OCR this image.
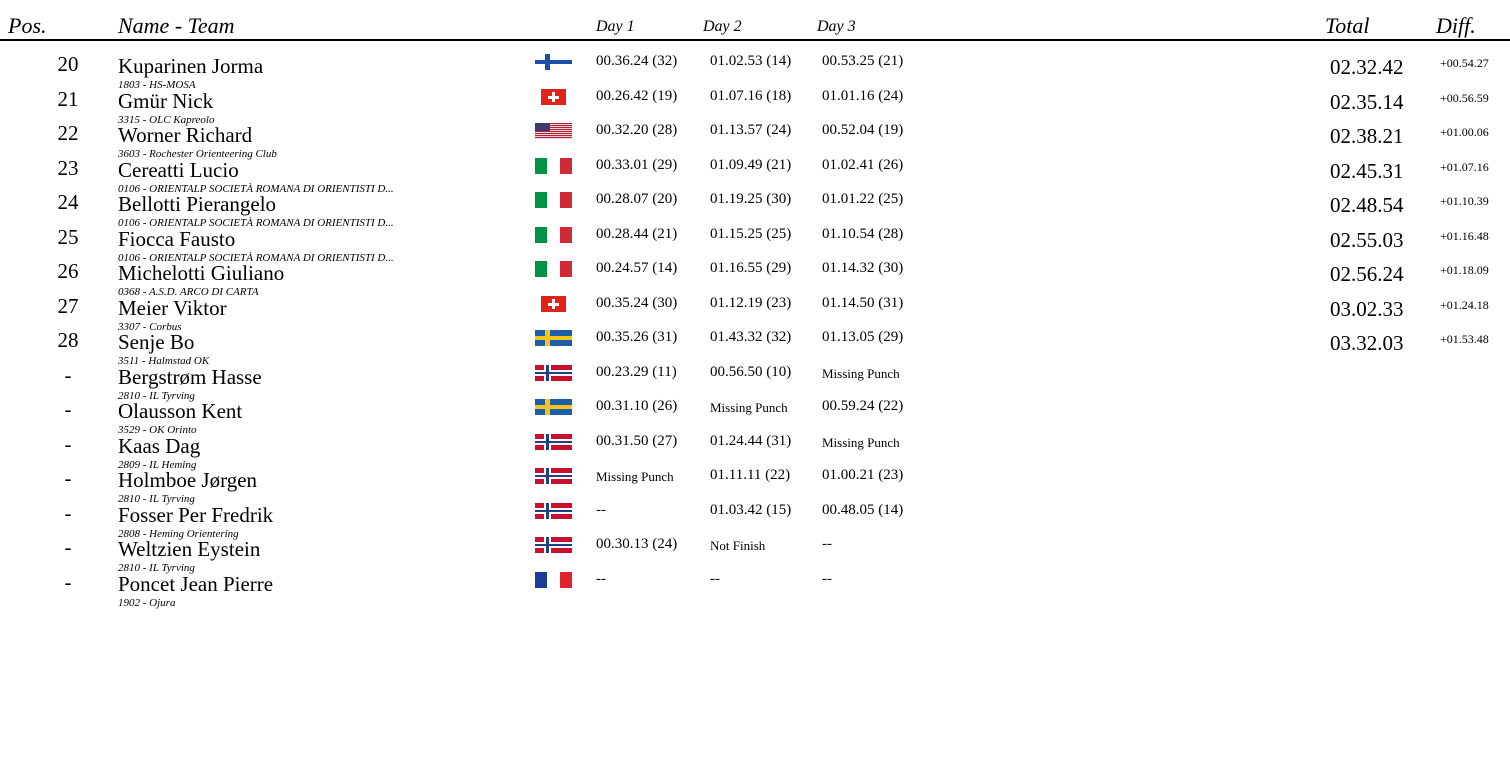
Pos.	Name - Team	Day 1	Day 2	Day 3	Total	Diff.
20	Kuparinen Jorma
1803 - HS-MOSA
00.36.24 (32) 01.02.53 (14) 00.53.25 (21)	02.32.42	+00.54.27
21	Gmür Nick
3315 - OLC Kapreolo
00.26.42 (19) 01.07.16 (18) 01.01.16 (24)	02.35.14	+00.56.59
22	Worner Richard
3603 - Rochester Orienteering Club
00.32.20 (28) 01.13.57 (24) 00.52.04 (19)	02.38.21	+01.00.06
23	Cereatti Lucio
0106 - ORIENTALP SOCIETÀ ROMANA DI ORIENTISTI D...
00.33.01 (29) 01.09.49 (21) 01.02.41 (26)	02.45.31	+01.07.16
24	Bellotti Pierangelo
0106 - ORIENTALP SOCIETÀ ROMANA DI ORIENTISTI D...
00.28.07 (20) 01.19.25 (30) 01.01.22 (25)	02.48.54	+01.10.39
25	Fiocca Fausto
0106 - ORIENTALP SOCIETÀ ROMANA DI ORIENTISTI D...
00.28.44 (21) 01.15.25 (25) 01.10.54 (28)	02.55.03	+01.16.48
26	Michelotti Giuliano
0368 - A.S.D. ARCO DI CARTA
00.24.57 (14) 01.16.55 (29) 01.14.32 (30)	02.56.24	+01.18.09
27	Meier Viktor
3307 - Corbus
00.35.24 (30) 01.12.19 (23) 01.14.50 (31)	03.02.33	+01.24.18
28	Senje Bo
3511 - Halmstad OK
00.35.26 (31) 01.43.32 (32) 01.13.05 (29)	03.32.03	+01.53.48
-	Bergstrøm Hasse
2810 - IL Tyrving
00.23.29 (11) 00.56.50 (10) Missing Punch
-	Olausson Kent
3529 - OK Orinto
00.31.10 (26)	Missing Punch 00.59.24 (22)
-	Kaas Dag
2809 - IL Heming
00.31.50 (27) 01.24.44 (31) Missing Punch
-	Holmboe Jørgen
2810 - IL Tyrving
Missing Punch 01.11.11 (22) 01.00.21 (23)
-	Fosser Per Fredrik
2808 - Heming Orientering
--	01.03.42 (15) 00.48.05 (14)
-	Weltzien Eystein
2810 - IL Tyrving
00.30.13 (24)	Not Finish	--
-	Poncet Jean Pierre
1902 - Ojura
--	--	--
